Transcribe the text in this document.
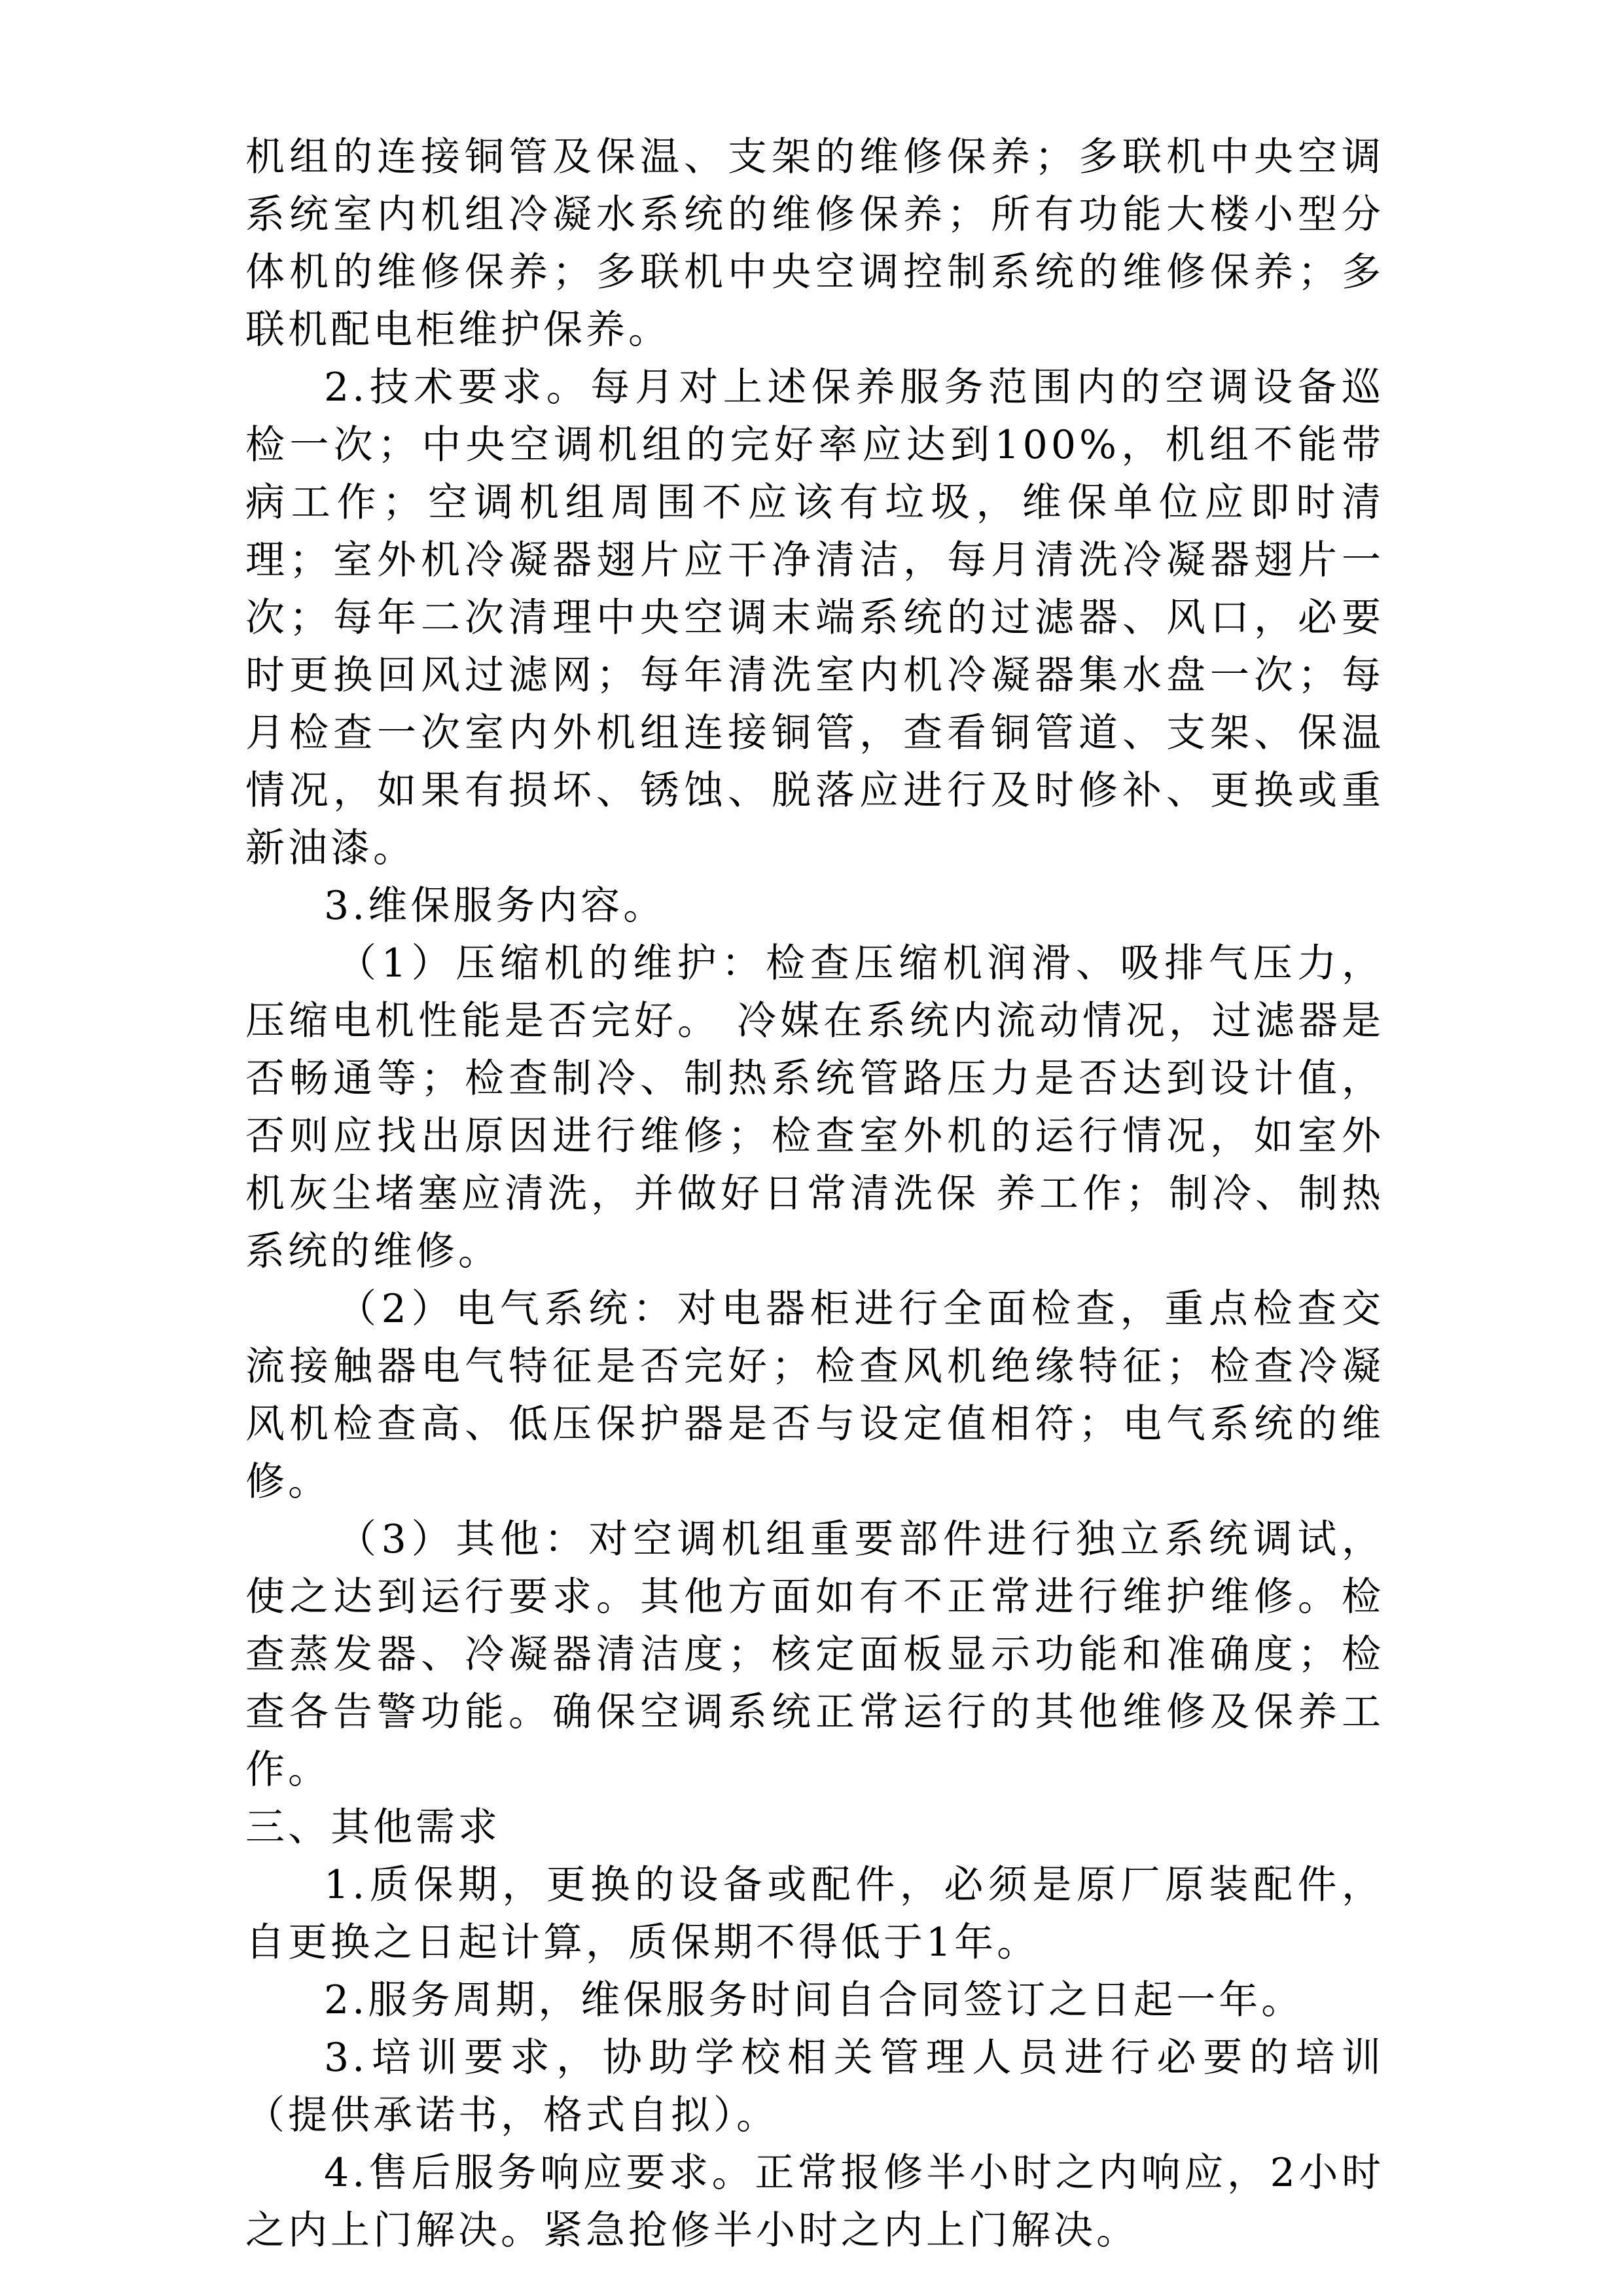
机组的连接铜管及保温、支架的维修保养；多联机中央空调系统室内机组冷凝水系统的维修保养；所有功能大楼小型分体机的维修保养；多联机中央空调控制系统的维修保养；多联机配电柜维护保养。

2.技术要求。每月对上述保养服务范围内的空调设备巡检一次；中央空调机组的完好率应达到100%，机组不能带病工作；空调机组周围不应该有垃圾，维保单位应即时清理；室外机冷凝器翅片应干净清洁，每月清洗冷凝器翅片一次；每年二次清理中央空调末端系统的过滤器、风口，必要时更换回风过滤网；每年清洗室内机冷凝器集水盘一次；每月检查一次室内外机组连接铜管，查看铜管道、支架、保温情况，如果有损坏、锈蚀、脱落应进行及时修补、更换或重新油漆。

3.维保服务内容。

（1）压缩机的维护：检查压缩机润滑、吸排气压力，压缩电机性能是否完好。 冷媒在系统内流动情况，过滤器是否畅通等；检查制冷、制热系统管路压力是否达到设计值，否则应找出原因进行维修；检查室外机的运行情况，如室外机灰尘堵塞应清洗，并做好日常清洗保 养工作；制冷、制热系统的维修。

（2）电气系统：对电器柜进行全面检查，重点检查交流接触器电气特征是否完好；检查风机绝缘特征；检查冷凝风机检查高、低压保护器是否与设定值相符；电气系统的维修。

（3）其他：对空调机组重要部件进行独立系统调试，使之达到运行要求。其他方面如有不正常进行维护维修。检查蒸发器、冷凝器清洁度；核定面板显示功能和准确度；检查各告警功能。确保空调系统正常运行的其他维修及保养工作。

三、其他需求

1.质保期，更换的设备或配件，必须是原厂原装配件，自更换之日起计算，质保期不得低于1年。

2.服务周期，维保服务时间自合同签订之日起一年。

3.培训要求，协助学校相关管理人员进行必要的培训（提供承诺书，格式自拟）。

4.售后服务响应要求。正常报修半小时之内响应，2小时之内上门解决。紧急抢修半小时之内上门解决。
